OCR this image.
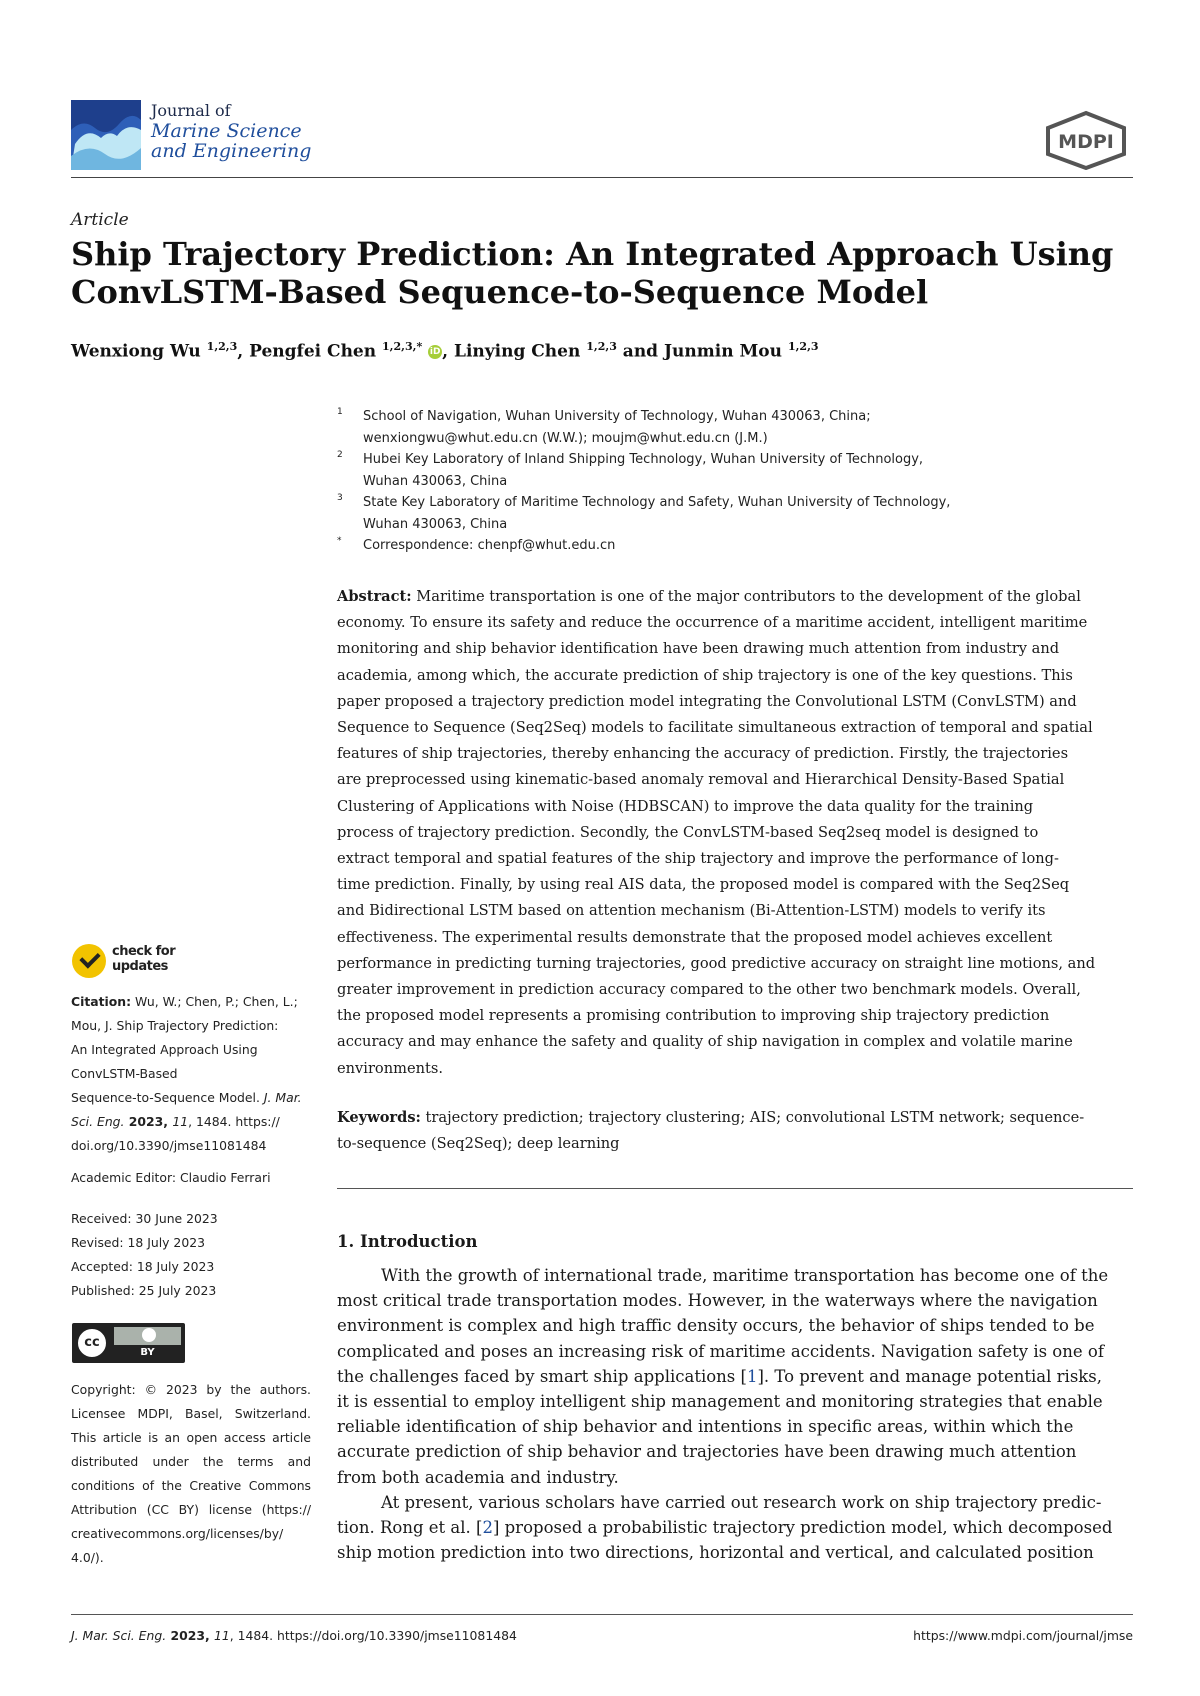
Journal of
Marine Science
and Engineering	MDPI
Article
Ship Trajectory Prediction: An Integrated Approach Using
ConvLSTM-Based Sequence-to-Sequence Model
Wenxiong Wu $^{1,2,3}$, Pengfei Chen $^{1,2,3,*}$ iD , Linying Chen $^{1,2,3}$ and Junmin Mou $^{1,2,3}$
1 School of Navigation, Wuhan University of Technology, Wuhan 430063, China;
wenxiongwu@whut.edu.cn (W.W.); moujm@whut.edu.cn (J.M.)
2 Hubei Key Laboratory of Inland Shipping Technology, Wuhan University of Technology,
Wuhan 430063, China
3 State Key Laboratory of Maritime Technology and Safety, Wuhan University of Technology,
Wuhan 430063, China
* Correspondence: chenpf@whut.edu.cn
Abstract: Maritime transportation is one of the major contributors to the development of the global
economy. To ensure its safety and reduce the occurrence of a maritime accident, intelligent maritime
monitoring and ship behavior identification have been drawing much attention from industry and
academia, among which, the accurate prediction of ship trajectory is one of the key questions. This
paper proposed a trajectory prediction model integrating the Convolutional LSTM (ConvLSTM) and
Sequence to Sequence (Seq2Seq) models to facilitate simultaneous extraction of temporal and spatial
features of ship trajectories, thereby enhancing the accuracy of prediction. Firstly, the trajectories
are preprocessed using kinematic-based anomaly removal and Hierarchical Density-Based Spatial
Clustering of Applications with Noise (HDBSCAN) to improve the data quality for the training
process of trajectory prediction. Secondly, the ConvLSTM-based Seq2seq model is designed to
extract temporal and spatial features of the ship trajectory and improve the performance of long-
time prediction. Finally, by using real AIS data, the proposed model is compared with the Seq2Seq
and Bidirectional LSTM based on attention mechanism (Bi-Attention-LSTM) models to verify its
effectiveness. The experimental results demonstrate that the proposed model achieves excellent
performance in predicting turning trajectories, good predictive accuracy on straight line motions, and
greater improvement in prediction accuracy compared to the other two benchmark models. Overall,
the proposed model represents a promising contribution to improving ship trajectory prediction
accuracy and may enhance the safety and quality of ship navigation in complex and volatile marine
environments.
Keywords: trajectory prediction; trajectory clustering; AIS; convolutional LSTM network; sequence-
to-sequence (Seq2Seq); deep learning
1. Introduction
With the growth of international trade, maritime transportation has become one of the
most critical trade transportation modes. However, in the waterways where the navigation
environment is complex and high traffic density occurs, the behavior of ships tended to be
complicated and poses an increasing risk of maritime accidents. Navigation safety is one of
the challenges faced by smart ship applications [1]. To prevent and manage potential risks,
it is essential to employ intelligent ship management and monitoring strategies that enable
reliable identification of ship behavior and intentions in specific areas, within which the
accurate prediction of ship behavior and trajectories have been drawing much attention
from both academia and industry.
At present, various scholars have carried out research work on ship trajectory predic-
tion. Rong et al. [2] proposed a probabilistic trajectory prediction model, which decomposed
ship motion prediction into two directions, horizontal and vertical, and calculated position
check for
updates
Citation: Wu, W.; Chen, P.; Chen, L.;
Mou, J. Ship Trajectory Prediction:
An Integrated Approach Using
ConvLSTM-Based
Sequence-to-Sequence Model. J. Mar.
Sci. Eng. 2023, 11, 1484. https://
doi.org/10.3390/jmse11081484
Academic Editor: Claudio Ferrari
Received: 30 June 2023
Revised: 18 July 2023
Accepted: 18 July 2023
Published: 25 July 2023
cc
BY
Copyright: © 2023 by the authors.
Licensee MDPI, Basel, Switzerland.
This article is an open access article
distributed under the terms and
conditions of the Creative Commons
Attribution (CC BY) license (https://
creativecommons.org/licenses/by/
4.0/).
J. Mar. Sci. Eng. 2023, 11, 1484. https://doi.org/10.3390/jmse11081484	https://www.mdpi.com/journal/jmse
